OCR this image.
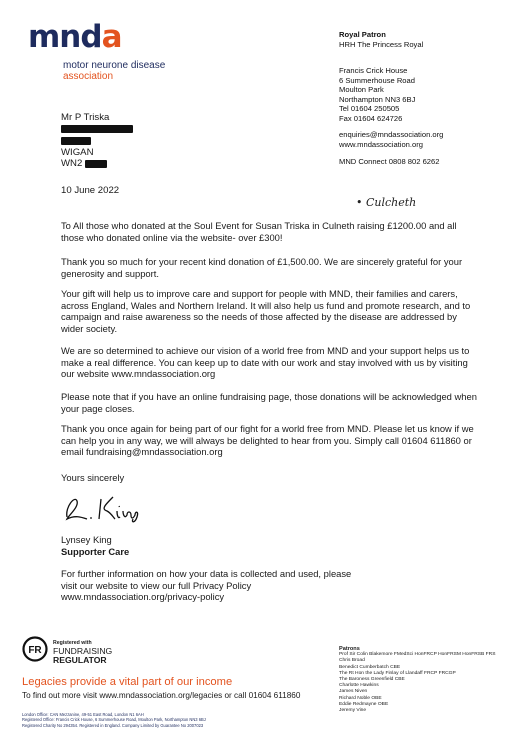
mnda
motor neurone disease
association
Royal Patron
HRH The Princess Royal
Francis Crick House
6 Summerhouse Road
Moulton Park
Northampton NN3 6BJ
Tel 01604 250505
Fax 01604 624726
enquiries@mndassociation.org
www.mndassociation.org
MND Connect 0808 802 6262
Mr P Triska
WIGAN
WN2
10 June 2022
• Culcheth

To All those who donated at the Soul Event for Susan Triska in Culneth raising £1200.00 and all those who donated online via the website- over £300!

Thank you so much for your recent kind donation of £1,500.00. We are sincerely grateful for your generosity and support.

Your gift will help us to improve care and support for people with MND, their families and carers, across England, Wales and Northern Ireland. It will also help us fund and promote research, and to campaign and raise awareness so the needs of those affected by the disease are addressed by wider society.

We are so determined to achieve our vision of a world free from MND and your support helps us to make a real difference. You can keep up to date with our work and stay involved with us by visiting our website www.mndassociation.org

Please note that if you have an online fundraising page, those donations will be acknowledged when your page closes.

Thank you once again for being part of our fight for a world free from MND. Please let us know if we can help you in any way, we will always be delighted to hear from you. Simply call 01604 611860 or email fundraising@mndassociation.org

Yours sincerely
Lynsey King
Supporter Care
For further information on how your data is collected and used, please
visit our website to view our full Privacy Policy
www.mndassociation.org/privacy-policy
FR
Registered with
FUNDRAISING
REGULATOR
Legacies provide a vital part of our income
To find out more visit www.mndassociation.org/legacies or call 01604 611860
London Office: CAN Mezzanine, 49-51 East Road, London N1 6AH
Registered Office: Francis Crick House, 6 Summerhouse Road, Moulton Park, Northampton NN3 6BJ
Registered Charity No 294354. Registered in England. Company Limited by Guarantee No 2007023
Patrons
Prof Sir Colin Blakemore FMedSci HonFRCP HonFRSM HonFRSB FRS
Chris Broad
Benedict Cumberbatch CBE
The Rt Hon the Lady Finlay of Llandaff FRCP FRCGP
The Baroness Greenfield CBE
Charlotte Hawkins
James Niven
Richard Noble OBE
Eddie Redmayne OBE
Jeremy Vine
